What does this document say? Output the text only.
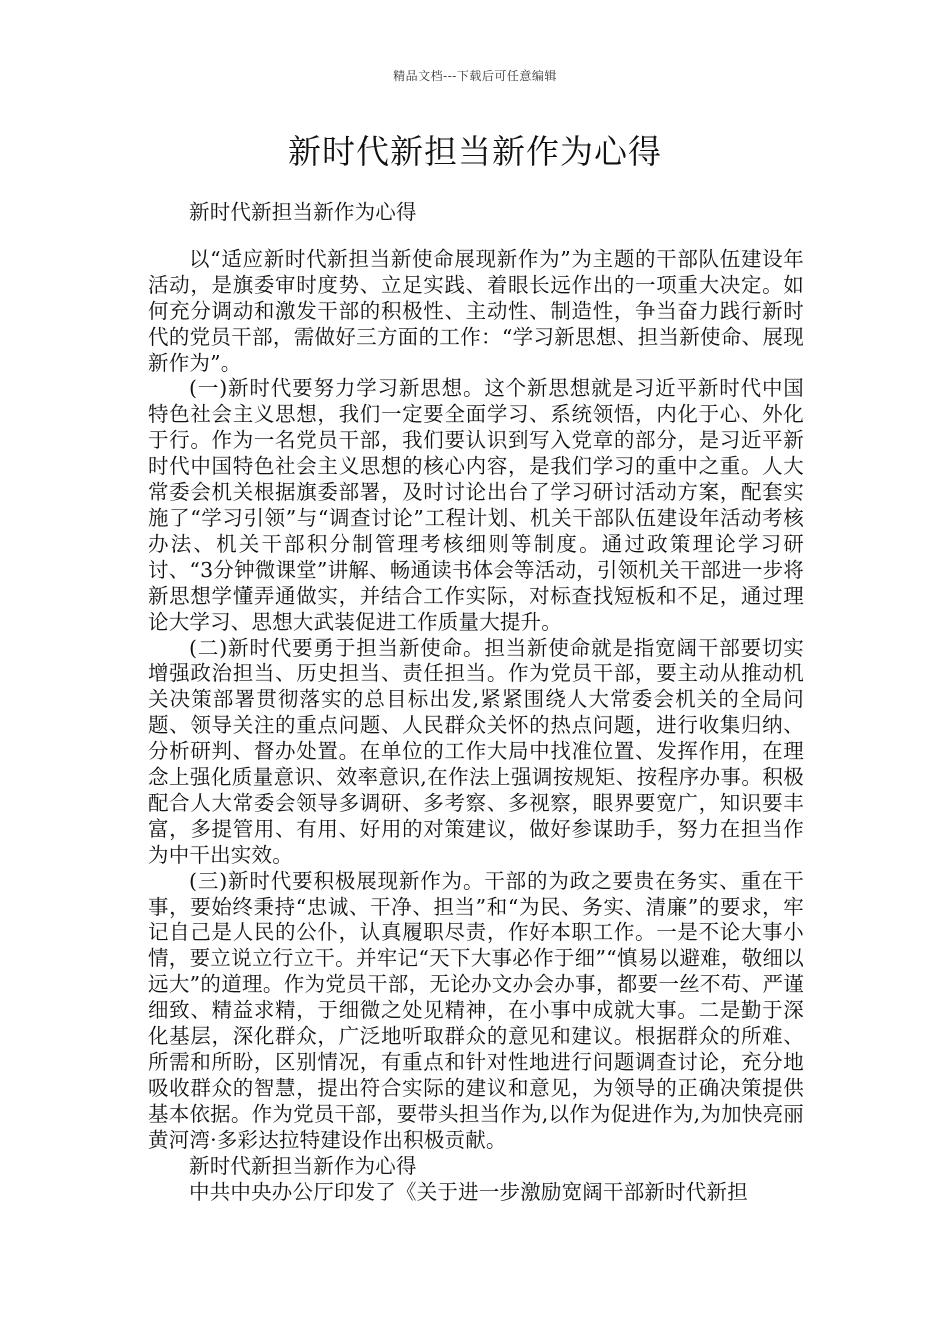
精品文档---下载后可任意编辑
新时代新担当新作为心得

新时代新担当新作为心得

以“适应新时代新担当新使命展现新作为”为主题的干部队伍建设年活动，是旗委审时度势、立足实践、着眼长远作出的一项重大决定。如何充分调动和激发干部的积极性、主动性、制造性，争当奋力践行新时代的党员干部，需做好三方面的工作：“学习新思想、担当新使命、展现新作为”。

(一)新时代要努力学习新思想。这个新思想就是习近平新时代中国特色社会主义思想，我们一定要全面学习、系统领悟，内化于心、外化于行。作为一名党员干部，我们要认识到写入党章的部分，是习近平新时代中国特色社会主义思想的核心内容，是我们学习的重中之重。人大常委会机关根据旗委部署，及时讨论出台了学习研讨活动方案，配套实施了“学习引领”与“调查讨论”工程计划、机关干部队伍建设年活动考核办法、机关干部积分制管理考核细则等制度。通过政策理论学习研讨、“3分钟微课堂”讲解、畅通读书体会等活动，引领机关干部进一步将新思想学懂弄通做实，并结合工作实际，对标查找短板和不足，通过理论大学习、思想大武装促进工作质量大提升。

(二)新时代要勇于担当新使命。担当新使命就是指宽阔干部要切实增强政治担当、历史担当、责任担当。作为党员干部，要主动从推动机关决策部署贯彻落实的总目标出发,紧紧围绕人大常委会机关的全局问题、领导关注的重点问题、人民群众关怀的热点问题，进行收集归纳、分析研判、督办处置。在单位的工作大局中找准位置、发挥作用，在理念上强化质量意识、效率意识,在作法上强调按规矩、按程序办事。积极配合人大常委会领导多调研、多考察、多视察，眼界要宽广，知识要丰富，多提管用、有用、好用的对策建议，做好参谋助手，努力在担当作为中干出实效。

(三)新时代要积极展现新作为。干部的为政之要贵在务实、重在干事，要始终秉持“忠诚、干净、担当”和“为民、务实、清廉”的要求，牢记自己是人民的公仆，认真履职尽责，作好本职工作。一是不论大事小情，要立说立行立干。并牢记“天下大事必作于细”“慎易以避难，敬细以远大”的道理。作为党员干部，无论办文办会办事，都要一丝不苟、严谨细致、精益求精，于细微之处见精神，在小事中成就大事。二是勤于深化基层，深化群众，广泛地听取群众的意见和建议。根据群众的所难、所需和所盼，区别情况，有重点和针对性地进行问题调查讨论，充分地吸收群众的智慧，提出符合实际的建议和意见，为领导的正确决策提供基本依据。作为党员干部，要带头担当作为,以作为促进作为,为加快亮丽黄河湾·多彩达拉特建设作出积极贡献。

新时代新担当新作为心得

中共中央办公厅印发了《关于进一步激励宽阔干部新时代新担
